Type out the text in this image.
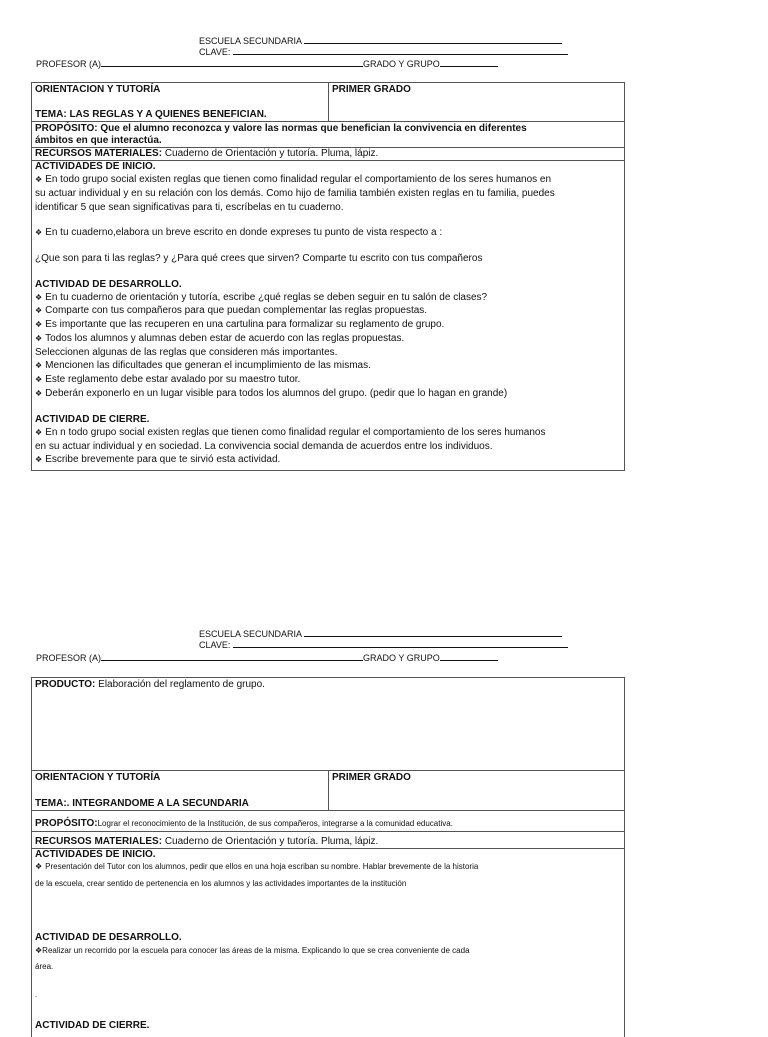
ESCUELA SECUNDARIA
CLAVE:
PROFESOR (A)	GRADO Y GRUPO
ORIENTACION Y TUTORÍA
TEMA: LAS REGLAS Y A QUIENES BENEFICIAN.
PRIMER GRADO
PROPÓSITO: Que el alumno reconozca y valore las normas que benefician la convivencia en diferentes
ámbitos en que interactúa.
RECURSOS MATERIALES: Cuaderno de Orientación y tutoría. Pluma, lápiz.
ACTIVIDADES DE INICIO.
❖ En todo grupo social existen reglas que tienen como finalidad regular el comportamiento de los seres humanos en
su actuar individual y en su relación con los demás. Como hijo de familia también existen reglas en tu familia, puedes
identificar 5 que sean significativas para ti, escríbelas en tu cuaderno.
❖ En tu cuaderno,elabora un breve escrito en donde expreses tu punto de vista respecto a :
¿Que son para ti las reglas? y ¿Para qué crees que sirven? Comparte tu escrito con tus compañeros
ACTIVIDAD DE DESARROLLO.
❖ En tu cuaderno de orientación y tutoría, escribe ¿qué reglas se deben seguir en tu salón de clases?
❖ Comparte con tus compañeros para que puedan complementar las reglas propuestas.
❖ Es importante que las recuperen en una cartulina para formalizar su reglamento de grupo.
❖ Todos los alumnos y alumnas deben estar de acuerdo con las reglas propuestas.
Seleccionen algunas de las reglas que consideren más importantes.
❖ Mencionen las dificultades que generan el incumplimiento de las mismas.
❖ Este reglamento debe estar avalado por su maestro tutor.
❖ Deberán exponerlo en un lugar visible para todos los alumnos del grupo. (pedir que lo hagan en grande)
ACTIVIDAD DE CIERRE.
❖ En n todo grupo social existen reglas que tienen como finalidad regular el comportamiento de los seres humanos
en su actuar individual y en sociedad. La convivencia social demanda de acuerdos entre los individuos.
❖ Escribe brevemente para que te sirvió esta actividad.
ESCUELA SECUNDARIA
CLAVE:
PROFESOR (A)	GRADO Y GRUPO
PRODUCTO: Elaboración del reglamento de grupo.
ORIENTACION Y TUTORÍA
TEMA:. INTEGRANDOME A LA SECUNDARIA
PRIMER GRADO
PROPÓSITO:Lograr el reconocimiento de la Institución, de sus compañeros, integrarse a la comunidad educativa.
RECURSOS MATERIALES: Cuaderno de Orientación y tutoría. Pluma, lápiz.
ACTIVIDADES DE INICIO.
❖ Presentación del Tutor con los alumnos, pedir que ellos en una hoja escriban su nombre. Hablar brevemente de la historia
de la escuela, crear sentido de pertenencia en los alumnos y las actividades importantes de la institución
ACTIVIDAD DE DESARROLLO.
❖Realizar un recorrido por la escuela para conocer las áreas de la misma. Explicando lo que se crea conveniente de cada
área.
.
ACTIVIDAD DE CIERRE.
